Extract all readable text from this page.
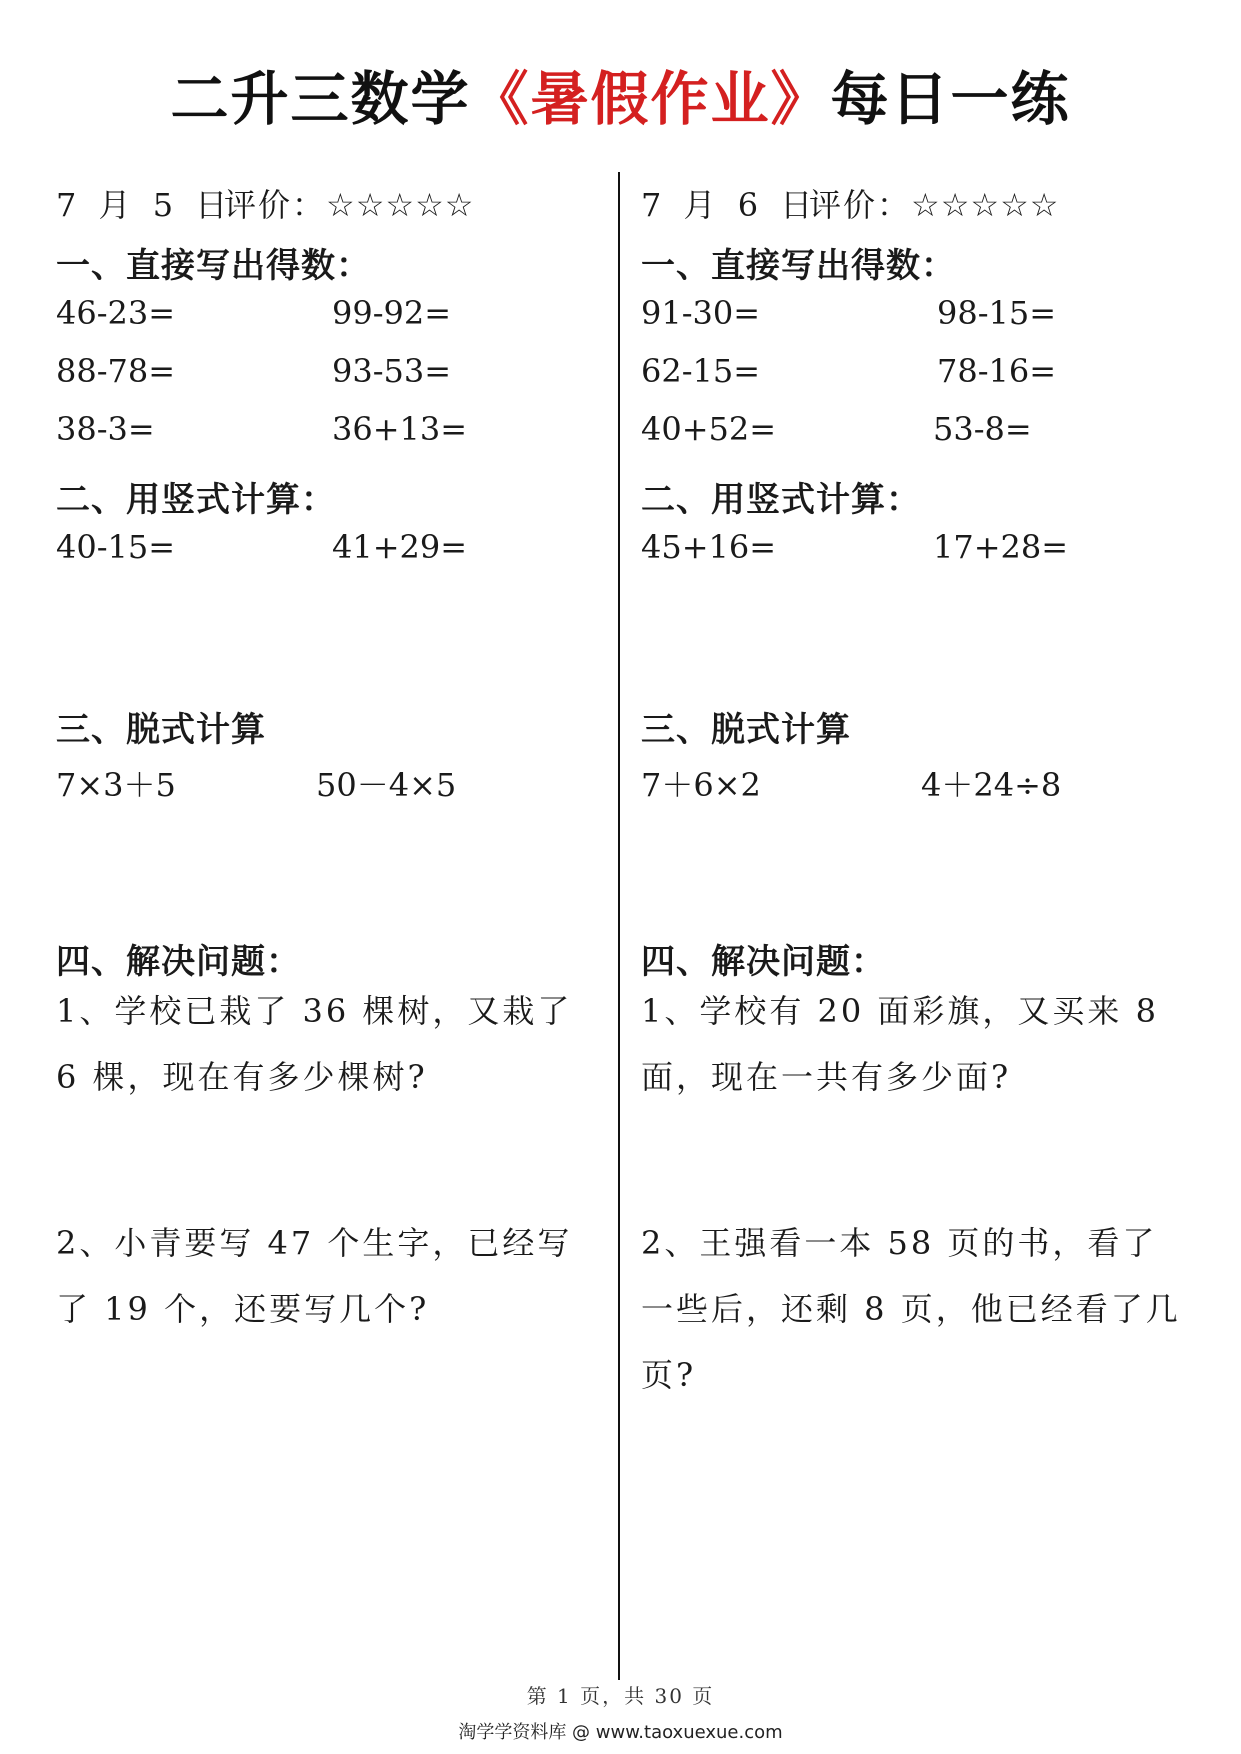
二升三数学《暑假作业》每日一练
7 月 5 日
评价：☆☆☆☆☆
一、直接写出得数：
46-23=	99-92=
88-78=	93-53=
38-3=	36+13=
二、用竖式计算：
40-15=	41+29=
三、脱式计算
7×3＋5	50－4×5
四、解决问题：
1、学校已栽了 36 棵树，又栽了 6 棵，现在有多少棵树?
2、小青要写 47 个生字，已经写了 19 个，还要写几个?
7 月 6 日
评价：☆☆☆☆☆
一、直接写出得数：
91-30=	98-15=
62-15=	78-16=
40+52=	53-8=
二、用竖式计算：
45+16=	17+28=
三、脱式计算
7＋6×2	4＋24÷8
四、解决问题：
1、学校有 20 面彩旗，又买来 8 面，现在一共有多少面?
2、王强看一本 58 页的书，看了一些后，还剩 8 页，他已经看了几页?
第 1 页，共 30 页
淘学学资料库 @ www.taoxuexue.com
